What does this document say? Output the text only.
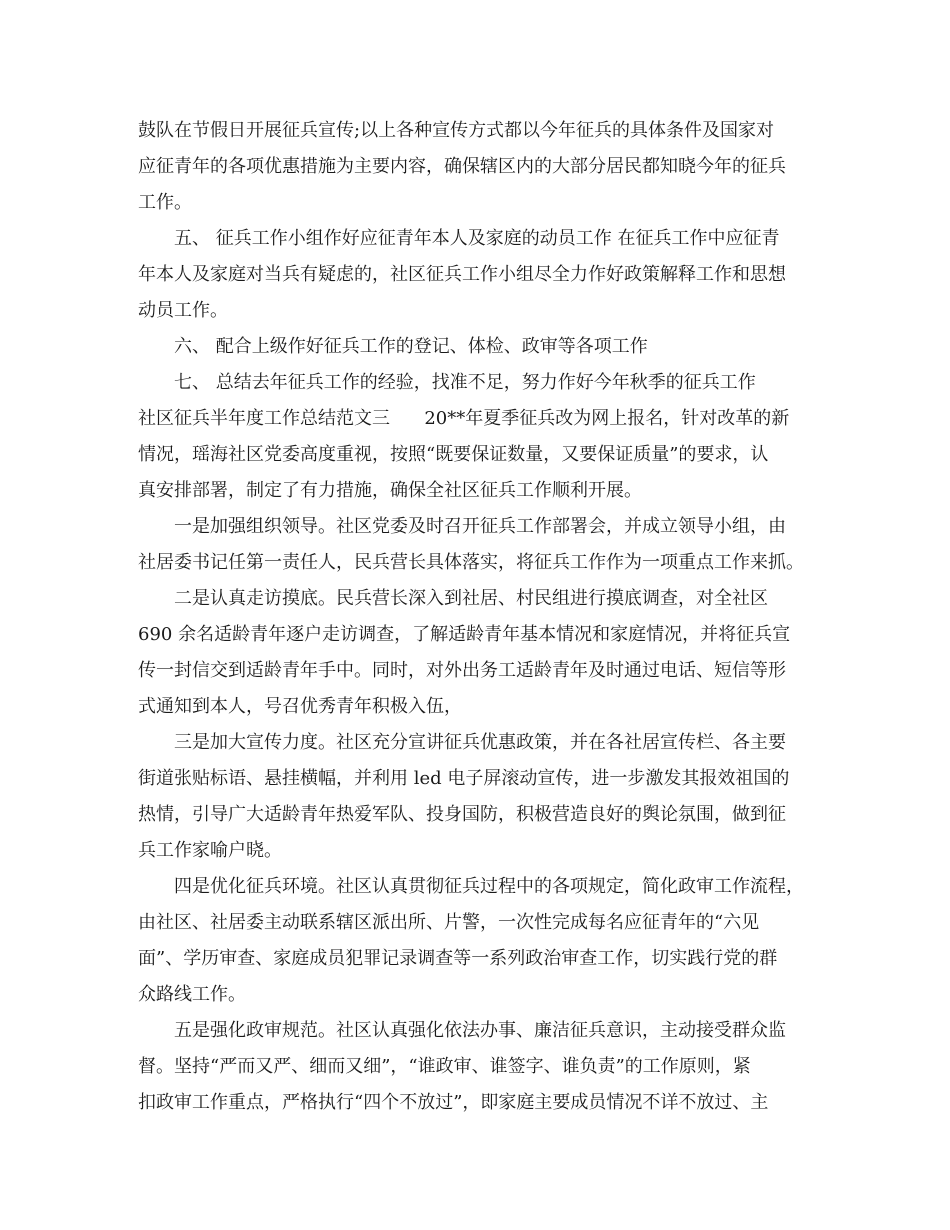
鼓队在节假日开展征兵宣传;以上各种宣传方式都以今年征兵的具体条件及国家对
应征青年的各项优惠措施为主要内容，确保辖区内的大部分居民都知晓今年的征兵
工作。
五、 征兵工作小组作好应征青年本人及家庭的动员工作 在征兵工作中应征青
年本人及家庭对当兵有疑虑的，社区征兵工作小组尽全力作好政策解释工作和思想
动员工作。
六、 配合上级作好征兵工作的登记、体检、政审等各项工作
七、 总结去年征兵工作的经验，找准不足，努力作好今年秋季的征兵工作
社区征兵半年度工作总结范文三      20**年夏季征兵改为网上报名，针对改革的新
情况，瑶海社区党委高度重视，按照“既要保证数量，又要保证质量”的要求，认
真安排部署，制定了有力措施，确保全社区征兵工作顺利开展。
一是加强组织领导。社区党委及时召开征兵工作部署会，并成立领导小组，由
社居委书记任第一责任人，民兵营长具体落实，将征兵工作作为一项重点工作来抓。
二是认真走访摸底。民兵营长深入到社居、村民组进行摸底调查，对全社区
690 余名适龄青年逐户走访调查，了解适龄青年基本情况和家庭情况，并将征兵宣
传一封信交到适龄青年手中。同时，对外出务工适龄青年及时通过电话、短信等形
式通知到本人，号召优秀青年积极入伍，
三是加大宣传力度。社区充分宣讲征兵优惠政策，并在各社居宣传栏、各主要
街道张贴标语、悬挂横幅，并利用 led 电子屏滚动宣传，进一步激发其报效祖国的
热情，引导广大适龄青年热爱军队、投身国防，积极营造良好的舆论氛围，做到征
兵工作家喻户晓。
四是优化征兵环境。社区认真贯彻征兵过程中的各项规定，简化政审工作流程，
由社区、社居委主动联系辖区派出所、片警，一次性完成每名应征青年的“六见
面”、学历审查、家庭成员犯罪记录调查等一系列政治审查工作，切实践行党的群
众路线工作。
五是强化政审规范。社区认真强化依法办事、廉洁征兵意识，主动接受群众监
督。坚持“严而又严、细而又细”，“谁政审、谁签字、谁负责”的工作原则，紧
扣政审工作重点，严格执行“四个不放过”，即家庭主要成员情况不详不放过、主
